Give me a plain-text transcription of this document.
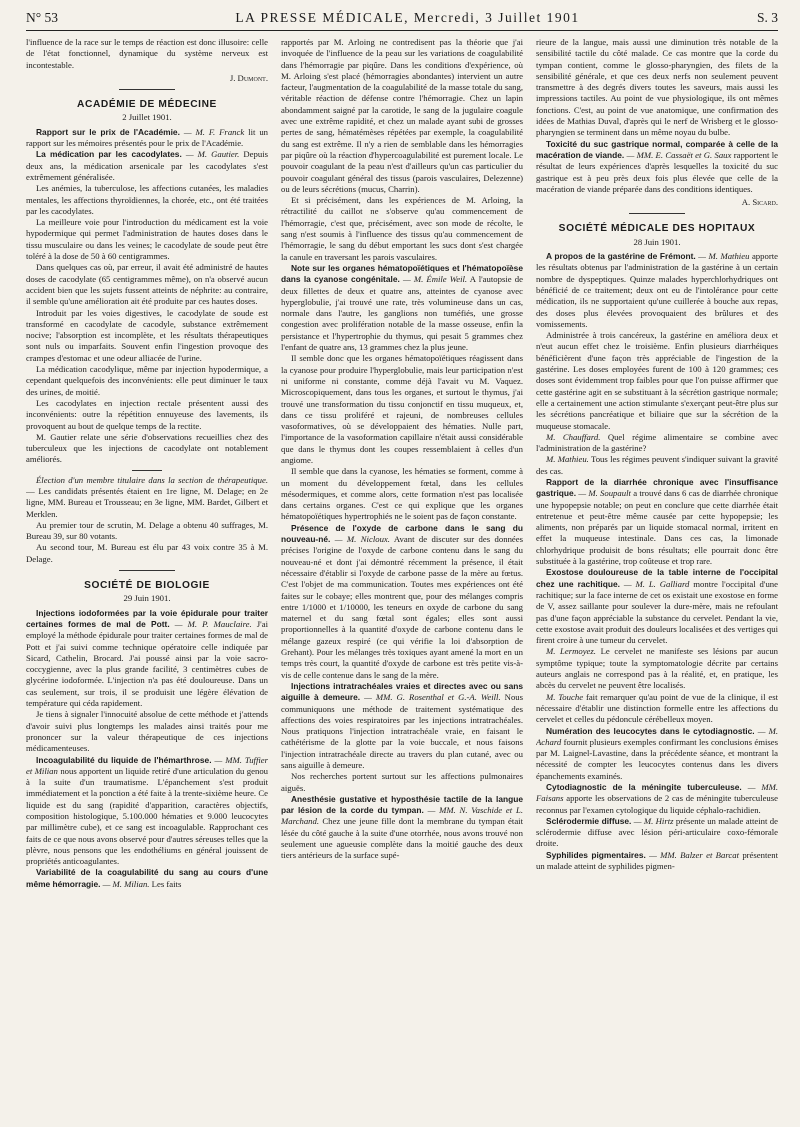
N° 53	LA PRESSE MÉDICALE, Mercredi, 3 Juillet 1901	S. 3

l'influence de la race sur le temps de réaction est donc illusoire: celle de l'état fonctionnel, dynamique du système nerveux est incontestable.

J. Dumont.

ACADÉMIE DE MÉDECINE
2 Juillet 1901.

Rapport sur le prix de l'Académie. — M. F. Franck lit un rapport sur les mémoires présentés pour le prix de l'Académie.

La médication par les cacodylates. — M. Gautier. Depuis deux ans, la médication arsenicale par les cacodylates s'est extrêmement généralisée.

Les anémies, la tuberculose, les affections cutanées, les maladies mentales, les affections thyroïdiennes, la chorée, etc., ont été traitées par les cacodylates.

La meilleure voie pour l'introduction du médicament est la voie hypodermique qui permet l'administration de hautes doses dans le tissu musculaire ou dans les veines; le cacodylate de soude peut être toléré à la dose de 50 à 60 centigrammes.

Dans quelques cas où, par erreur, il avait été administré de hautes doses de cacodylate (65 centigrammes même), on n'a observé aucun accident bien que les sujets fussent atteints de néphrite: au contraire, il semble qu'une amélioration ait été produite par ces hautes doses.

Introduit par les voies digestives, le cacodylate de soude est transformé en cacodylate de cacodyle, substance extrêmement nocive; l'absorption est incomplète, et les résultats thérapeutiques sont nuls ou imparfaits. Souvent enfin l'ingestion provoque des crampes d'estomac et une odeur alliacée de l'urine.

La médication cacodylique, même par injection hypodermique, a cependant quelquefois des inconvénients: elle peut diminuer le taux des urines, de moitié.

Les cacodylates en injection rectale présentent aussi des inconvénients: outre la répétition ennuyeuse des lavements, ils provoquent au bout de quelque temps de la rectite.

M. Gautier relate une série d'observations recueillies chez des tuberculeux que les injections de cacodylate ont notablement améliorés.

Élection d'un membre titulaire dans la section de thérapeutique. — Les candidats présentés étaient en 1re ligne, M. Delage; en 2e ligne, MM. Bureau et Trousseau; en 3e ligne, MM. Bardet, Gilbert et Merklen.

Au premier tour de scrutin, M. Delage a obtenu 40 suffrages, M. Bureau 39, sur 80 votants.

Au second tour, M. Bureau est élu par 43 voix contre 35 à M. Delage.

SOCIÉTÉ DE BIOLOGIE
29 Juin 1901.

Injections iodoformées par la voie épidurale pour traiter certaines formes de mal de Pott. — M. P. Mauclaire. J'ai employé la méthode épidurale pour traiter certaines formes de mal de Pott et j'ai suivi comme technique opératoire celle indiquée par Sicard, Cathelin, Brocard. J'ai poussé ainsi par la voie sacro-coccygienne, avec la plus grande facilité, 3 centimètres cubes de glycérine iodoformée. L'injection n'a pas été douloureuse. Dans un cas seulement, sur trois, il se produisit une légère élévation de température qui céda rapidement.

Je tiens à signaler l'innocuité absolue de cette méthode et j'attends d'avoir suivi plus longtemps les malades ainsi traités pour me prononcer sur la valeur thérapeutique de ces injections médicamenteuses.

Incoagulabilité du liquide de l'hémarthrose. — MM. Tuffier et Milian nous apportent un liquide retiré d'une articulation du genou à la suite d'un traumatisme. L'épanchement s'est produit immédiatement et la ponction a été faite à la trente-sixième heure. Ce liquide est du sang (rapidité d'apparition, caractères objectifs, composition histologique, 5.100.000 hématies et 9.000 leucocytes par millimètre cube), et ce sang est incoagulable. Rapprochant ces faits de ce que nous avons observé pour d'autres séreuses telles que la plèvre, nous pensons que les endothéliums en général jouissent de propriétés anticoagulantes.

Variabilité de la coagulabilité du sang au cours d'une même hémorragie. — M. Milian. Les faits

rapportés par M. Arloing ne contredisent pas la théorie que j'ai invoquée de l'influence de la peau sur les variations de coagulabilité dans l'hémorragie par piqûre. Dans les conditions d'expérience, où M. Arloing s'est placé (hémorragies abondantes) intervient un autre facteur, l'augmentation de la coagulabilité de la masse totale du sang, véritable réaction de défense contre l'hémorragie. Chez un lapin abondamment saigné par la carotide, le sang de la jugulaire coagule avec une extrême rapidité, et chez un malade ayant subi de grosses pertes de sang, hématémèses répétées par exemple, la coagulabilité du sang est extrême. Il n'y a rien de semblable dans les hémorragies par piqûre où la réaction d'hypercoagulabilité est purement locale. Le pouvoir coagulant de la peau n'est d'ailleurs qu'un cas particulier du pouvoir coagulant général des tissus (parois vasculaires, Delezenne) ou de leurs sécrétions (mucus, Charrin).

Et si précisément, dans les expériences de M. Arloing, la rétractilité du caillot ne s'observe qu'au commencement de l'hémorragie, c'est que, précisément, avec son mode de récolte, le sang n'est soumis à l'influence des tissus qu'au commencement de l'hémorragie, le sang du début emportant les sucs dont s'est chargée la canule en traversant les parois vasculaires.

Note sur les organes hématopoïétiques et l'hématopoïèse dans la cyanose congénitale. — M. Émile Weil. A l'autopsie de deux fillettes de deux et quatre ans, atteintes de cyanose avec hyperglobulie, j'ai trouvé une rate, très volumineuse dans un cas, normale dans l'autre, les ganglions non tuméfiés, une grosse congestion avec prolifération notable de la masse osseuse, enfin la persistance et l'hypertrophie du thymus, qui pesait 5 grammes chez l'enfant de quatre ans, 13 grammes chez la plus jeune.

Il semble donc que les organes hématopoïétiques réagissent dans la cyanose pour produire l'hyperglobulie, mais leur participation n'est ni uniforme ni constante, comme déjà l'avait vu M. Vaquez. Microscopiquement, dans tous les organes, et surtout le thymus, j'ai trouvé une transformation du tissu conjonctif en tissu muqueux, et, dans ce tissu proliféré et rajeuni, de nombreuses cellules vasoformatives, où se développaient des hématies. Nulle part, l'importance de la vasoformation capillaire n'était aussi considérable que dans le thymus dont les coupes ressemblaient à celles d'un angiome.

Il semble que dans la cyanose, les hématies se forment, comme à un moment du développement fœtal, dans les cellules mésodermiques, et comme alors, cette formation n'est pas localisée dans certains organes. C'est ce qui explique que les organes hématopoïétiques hypertrophiés ne le soient pas de façon constante.

Présence de l'oxyde de carbone dans le sang du nouveau-né. — M. Nicloux. Avant de discuter sur des données précises l'origine de l'oxyde de carbone contenu dans le sang du nouveau-né et dont j'ai démontré récemment la présence, il était nécessaire d'établir si l'oxyde de carbone passe de la mère au fœtus. C'est l'objet de ma communication. Toutes mes expériences ont été faites sur le cobaye; elles montrent que, pour des mélanges compris entre 1/1000 et 1/10000, les teneurs en oxyde de carbone du sang maternel et du sang fœtal sont égales; elles sont aussi proportionnelles à la quantité d'oxyde de carbone contenu dans le mélange gazeux respiré (ce qui vérifie la loi d'absorption de Grehant). Pour les mélanges très toxiques ayant amené la mort en un temps très court, la quantité d'oxyde de carbone est très petite vis-à-vis de celle contenue dans le sang de la mère.

Injections intratrachéales vraies et directes avec ou sans aiguille à demeure. — MM. G. Rosenthal et G.-A. Weill. Nous communiquons une méthode de traitement systématique des affections des voies respiratoires par les injections intratrachéales. Nous pratiquons l'injection intratrachéale vraie, en faisant le cathétérisme de la glotte par la voie buccale, et nous faisons l'injection intratrachéale directe au travers du plan cutané, avec ou sans aiguille à demeure.

Nos recherches portent surtout sur les affections pulmonaires aiguës.

Anesthésie gustative et hyposthésie tactile de la langue par lésion de la corde du tympan. — MM. N. Vaschide et L. Marchand. Chez une jeune fille dont la membrane du tympan était lésée du côté gauche à la suite d'une otorrhée, nous avons trouvé non seulement une agueusie complète dans la moitié gauche des deux tiers antérieurs de la surface supé-

rieure de la langue, mais aussi une diminution très notable de la sensibilité tactile du côté malade. Ce cas montre que la corde du tympan contient, comme le glosso-pharyngien, des filets de la sensibilité générale, et que ces deux nerfs non seulement peuvent transmettre à des degrés divers toutes les saveurs, mais aussi les impressions tactiles. Au point de vue physiologique, ils ont mêmes fonctions. C'est, au point de vue anatomique, une confirmation des idées de Mathias Duval, d'après qui le nerf de Wrisberg et le glosso-pharyngien se terminent dans un même noyau du bulbe.

Toxicité du suc gastrique normal, comparée à celle de la macération de viande. — MM. E. Cassaët et G. Saux rapportent le résultat de leurs expériences d'après lesquelles la toxicité du suc gastrique est à peu près deux fois plus élevée que celle de la macération de viande préparée dans des conditions identiques.

A. Sicard.

SOCIÉTÉ MÉDICALE DES HOPITAUX
28 Juin 1901.

A propos de la gastérine de Frémont. — M. Mathieu apporte les résultats obtenus par l'administration de la gastérine à un certain nombre de dyspeptiques. Quinze malades hyperchlorhydriques ont bénéficié de ce traitement; deux ont eu de l'intolérance pour cette médication, ils ne supportaient qu'une cuillerée à bouche aux repas, des doses plus élevées provoquaient des brûlures et des vomissements.

Administrée à trois cancéreux, la gastérine en améliora deux et n'eut aucun effet chez le troisième. Enfin plusieurs diarrhéiques bénéficièrent d'une façon très appréciable de l'ingestion de la gastérine. Les doses employées furent de 100 à 120 grammes; ces doses sont évidemment trop faibles pour que l'on puisse affirmer que cette gastérine agit en se substituant à la sécrétion gastrique normale; elle a certainement une action stimulante s'exerçant peut-être plus sur les sécrétions pancréatique et biliaire que sur la sécrétion de la muqueuse stomacale.

M. Chauffard. Quel régime alimentaire se combine avec l'administration de la gastérine?

M. Mathieu. Tous les régimes peuvent s'indiquer suivant la gravité des cas.

Rapport de la diarrhée chronique avec l'insuffisance gastrique. — M. Soupault a trouvé dans 6 cas de diarrhée chronique une hypopepsie notable; on peut en conclure que cette diarrhée était entretenue et peut-être même causée par cette hypopepsie; les aliments, non préparés par un liquide stomacal normal, irritent en effet la muqueuse intestinale. Dans ces cas, la limonade chlorhydrique produisit de bons résultats; elle pourrait donc être substituée à la gastérine, trop coûteuse et trop rare.

Exostose douloureuse de la table interne de l'occipital chez une rachitique. — M. L. Galliard montre l'occipital d'une rachitique; sur la face interne de cet os existait une exostose en forme de V, assez saillante pour soulever la dure-mère, mais ne refoulant pas d'une façon appréciable la substance du cervelet. Pendant la vie, cette exostose avait produit des douleurs localisées et des vertiges qui firent croire à une tumeur du cervelet.

M. Lermoyez. Le cervelet ne manifeste ses lésions par aucun symptôme typique; toute la symptomatologie décrite par certains auteurs anglais ne correspond pas à la réalité, et, en pratique, les abcès du cervelet ne peuvent être localisés.

M. Touche fait remarquer qu'au point de vue de la clinique, il est nécessaire d'établir une distinction formelle entre les affections du cervelet et celles du pédoncule cérébelleux moyen.

Numération des leucocytes dans le cytodiagnostic. — M. Achard fournit plusieurs exemples confirmant les conclusions émises par M. Laignel-Lavastine, dans la précédente séance, et montrant la nécessité de compter les leucocytes contenus dans les divers épanchements examinés.

Cytodiagnostic de la méningite tuberculeuse. — MM. Faisans apporte les observations de 2 cas de méningite tuberculeuse reconnus par l'examen cytologique du liquide céphalo-rachidien.

Sclérodermie diffuse. — M. Hirtz présente un malade atteint de sclérodermie diffuse avec lésion péri-articulaire coxo-fémorale droite.

Syphilides pigmentaires. — MM. Balzer et Barcat présentent un malade atteint de syphilides pigmen-
